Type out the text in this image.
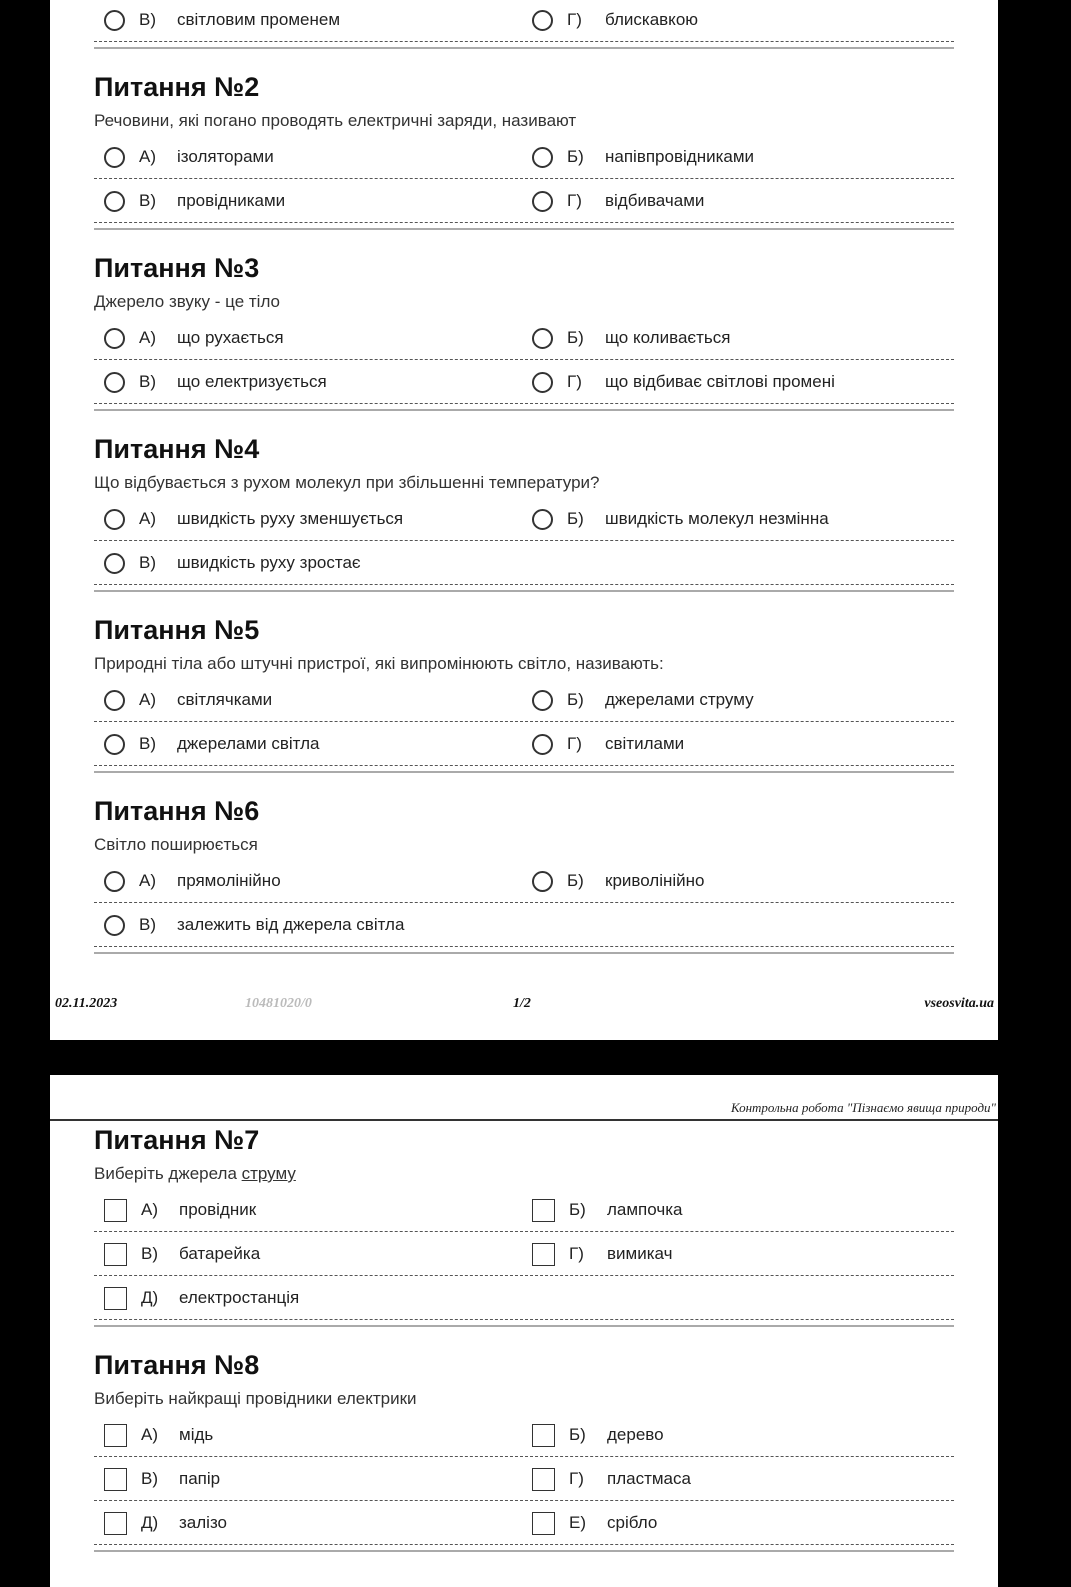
В)	світловим променем	Г)	блискавкою
Питання №2
Речовини, які погано проводять електричні заряди, називают
А)	ізоляторами	Б)	напівпровідниками
В)	провідниками	Г)	відбивачами
Питання №3
Джерело звуку - це тіло
А)	що рухається	Б)	що коливається
В)	що електризується	Г)	що відбиває світлові промені
Питання №4
Що відбувається з рухом молекул при збільшенні температури?
А)	швидкість руху зменшується	Б)	швидкість молекул незмінна
В)	швидкість руху зростає
Питання №5
Природні тіла або штучні пристрої, які випромінюють світло, називають:
А)	світлячками	Б)	джерелами струму
В)	джерелами світла	Г)	світилами
Питання №6
Світло поширюється
А)	прямолінійно	Б)	криволінійно
В)	залежить від джерела світла
02.11.2023	10481020/0	1/2	vseosvita.ua
Контрольна робота "Пізнаємо явища природи"
Питання №7
Виберіть джерела струму
А)	провідник	Б)	лампочка
В)	батарейка	Г)	вимикач
Д)	електростанція
Питання №8
Виберіть найкращі провідники електрики
А)	мідь	Б)	дерево
В)	папір	Г)	пластмаса
Д)	залізо	Е)	срібло
